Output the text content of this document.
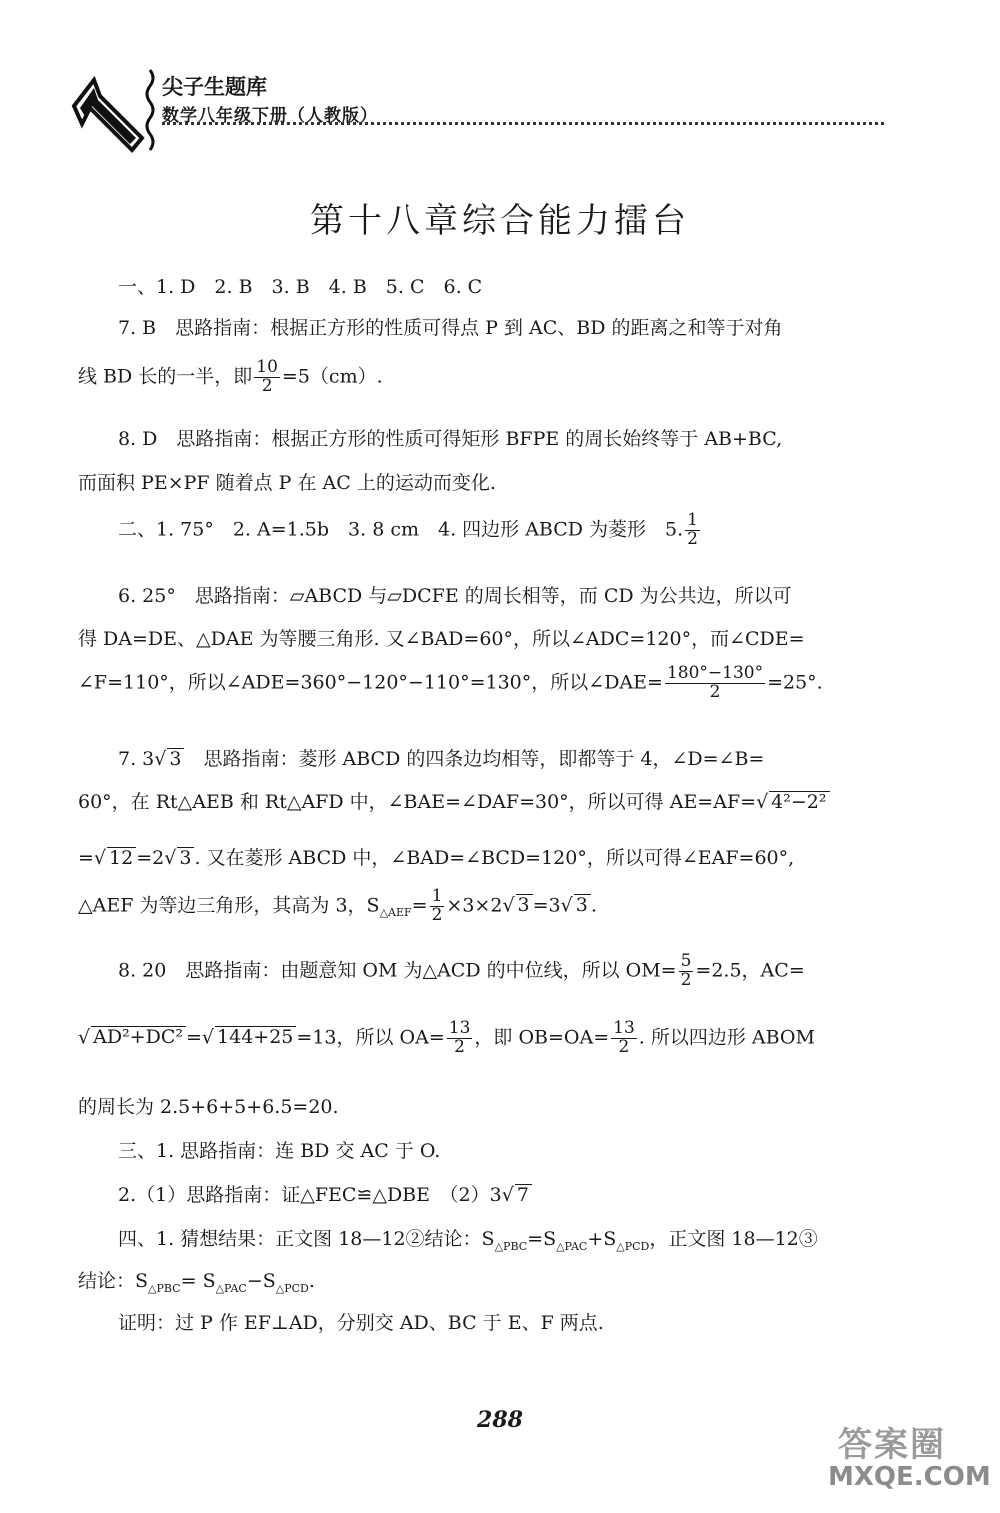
尖子生题库
数学八年级下册（人教版）
第十八章综合能力擂台
一、1. D　2. B　3. B　4. B　5. C　6. C
7. B　思路指南：根据正方形的性质可得点 P 到 AC、BD 的距离之和等于对角
线 BD 长的一半，即 $\frac{10}{2} =5(cm)$.
8. D　思路指南：根据正方形的性质可得矩形 BFPE 的周长始终等于 AB+BC,
而面积 PE×PF 随着点 P 在 AC 上的运动而变化.
二、1. 75°　2. A=1.5b　3. 8 cm　4. 四边形 ABCD 为菱形　5. $\frac{1}{2}$
6. 25°　思路指南：▱ABCD 与▱DCFE 的周长相等，而 CD 为公共边，所以可
得 DA=DE、△DAE 为等腰三角形. 又∠BAD=60°，所以∠ADC=120°，而∠CDE=
∠F=110°，所以∠ADE=360°−120°−110°=130°，所以∠DAE= $\frac{180^\circ-130^\circ}{2} =25^\circ$.
7. 3√ 3　思路指南：菱形 ABCD 的四条边均相等，即都等于 4，∠D=∠B=
60°，在 Rt△AEB 和 Rt△AFD 中，∠BAE=∠DAF=30°，所以可得 AE=AF=√ 4²−2²
=√ 12 =2√ 3 . 又在菱形 ABCD 中，∠BAD=∠BCD=120°，所以可得∠EAF=60°,
△AEF 为等边三角形，其高为 3，$S_{\triangle AEF}= \frac{1}{2} \times 3\times 2√$ 3 =3√ 3 .
8. 20　思路指南：由题意知 OM 为△ACD 的中位线，所以 $OM= \frac{5}{2} =2.5$，AC=
√ AD²+DC² =√ 144+25 =13，所以 $OA= \frac{13}{2}$ ，即 $OB=OA= \frac{13}{2}$ . 所以四边形 ABOM
的周长为 2.5+6+5+6.5=20.
三、1. 思路指南：连 BD 交 AC 于 O.
2.（1）思路指南：证△FEC≌△DBE　（2）3√ 7
四、1. 猜想结果：正文图 18—12②结论：$S_{\triangle PBC}=S_{\triangle PAC}+S_{\triangle PCD}$，正文图 18—12③
结论：$S_{\triangle PBC}= S_{\triangle PAC}-S_{\triangle PCD}$.
证明：过 P 作 EF⊥AD，分别交 AD、BC 于 E、F 两点.
288
答案圈
MXQE.COM
